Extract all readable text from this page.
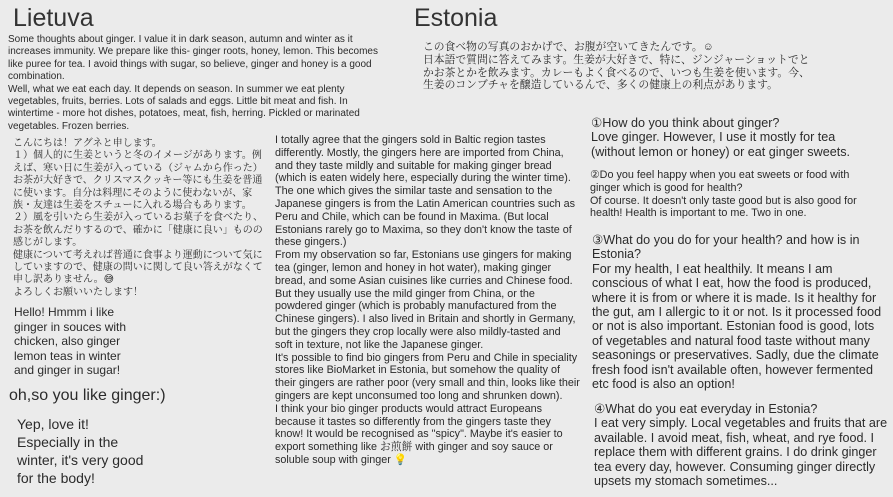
Lietuva	Estonia

Some thoughts about ginger. I value it in dark season, autumn and winter as it increases immunity. We prepare like this- ginger roots, honey, lemon. This becomes like puree for tea. I avoid things with sugar, so believe, ginger and honey is a good combination.
Well, what we eat each day. It depends on season. In summer we eat plenty vegetables, fruits, berries. Lots of salads and eggs. Little bit meat and fish. In wintertime - more hot dishes, potatoes, meat, fish, herring. Pickled or marinated vegetables. Frozen berries.

こんにちは！アグネと申します。
１）個人的に生姜というと冬のイメージがあります。例えば、寒い日に生姜が入っている（ジャムから作った）お茶が大好きで、クリスマスクッキー等にも生姜を普通に使います。自分は料理にそのように使わないが、家族・友達は生姜をスチューに入れる場合もあります。
２）風を引いたら生姜が入っているお菓子を食べたり、お茶を飲んだりするので、確かに「健康に良い」ものの感じがします。
健康について考えれば普通に食事より運動について気にしていますので、健康の問いに関して良い答えがなくて申し訳ありません。😅
よろしくお願いいたします！

Hello! Hmmm i like
ginger in souces with
chicken, also ginger
lemon teas in winter
and ginger in sugar!

oh,so you like ginger:)

Yep, love it!
Especially in the
winter, it's very good
for the body!

I totally agree that the gingers sold in Baltic region tastes differently. Mostly, the gingers here are imported from China, and they taste mildly and suitable for making ginger bread (which is eaten widely here, especially during the winter time). The one which gives the similar taste and sensation to the Japanese gingers is from the Latin American countries such as Peru and Chile, which can be found in Maxima. (But local Estonians rarely go to Maxima, so they don't know the taste of these gingers.)
From my observation so far, Estonians use gingers for making tea (ginger, lemon and honey in hot water), making ginger bread, and some Asian cuisines like curries and Chinese food. But they usually use the mild ginger from China, or the powdered ginger (which is probably manufactured from the Chinese gingers). I also lived in Britain and shortly in Germany, but the gingers they crop locally were also mildly-tasted and soft in texture, not like the Japanese ginger.
It's possible to find bio gingers from Peru and Chile in speciality stores like BioMarket in Estonia, but somehow the quality of their gingers are rather poor (very small and thin, looks like their gingers are kept unconsumed too long and shrunken down).
I think your bio ginger products would attract Europeans because it tastes so differently from the gingers taste they know! It would be recognised as "spicy". Maybe it's easier to export something like お煎餅 with ginger and soy sauce or soluble soup with ginger 💡

この食べ物の写真のおかげで、お腹が空いてきたんです。☺
日本語で質問に答えてみます。生姜が大好きで、特に、ジンジャーショットでとかお茶とかを飲みます。カレーもよく食べるので、いつも生姜を使います。今、生姜のコンブチャを醸造しているんで、多くの健康上の利点があります。

①How do you think about ginger?
Love ginger. However, I use it mostly for tea (without lemon or honey) or eat ginger sweets.

②Do you feel happy when you eat sweets or food with ginger which is good for health?
Of course. It doesn't only taste good but is also good for health! Health is important to me. Two in one.

③What do you do for your health? and how is in Estonia?
For my health, I eat healthily. It means I am conscious of what I eat, how the food is produced, where it is from or where it is made. Is it healthy for the gut, am I allergic to it or not. Is it processed food or not is also important. Estonian food is good, lots of vegetables and natural food taste without many seasonings or preservatives. Sadly, due the climate fresh food isn't available often, however fermented etc food is also an option!

④What do you eat everyday in Estonia?
I eat very simply. Local vegetables and fruits that are available. I avoid meat, fish, wheat, and rye food. I replace them with different grains. I do drink ginger tea every day, however. Consuming ginger directly upsets my stomach sometimes...
